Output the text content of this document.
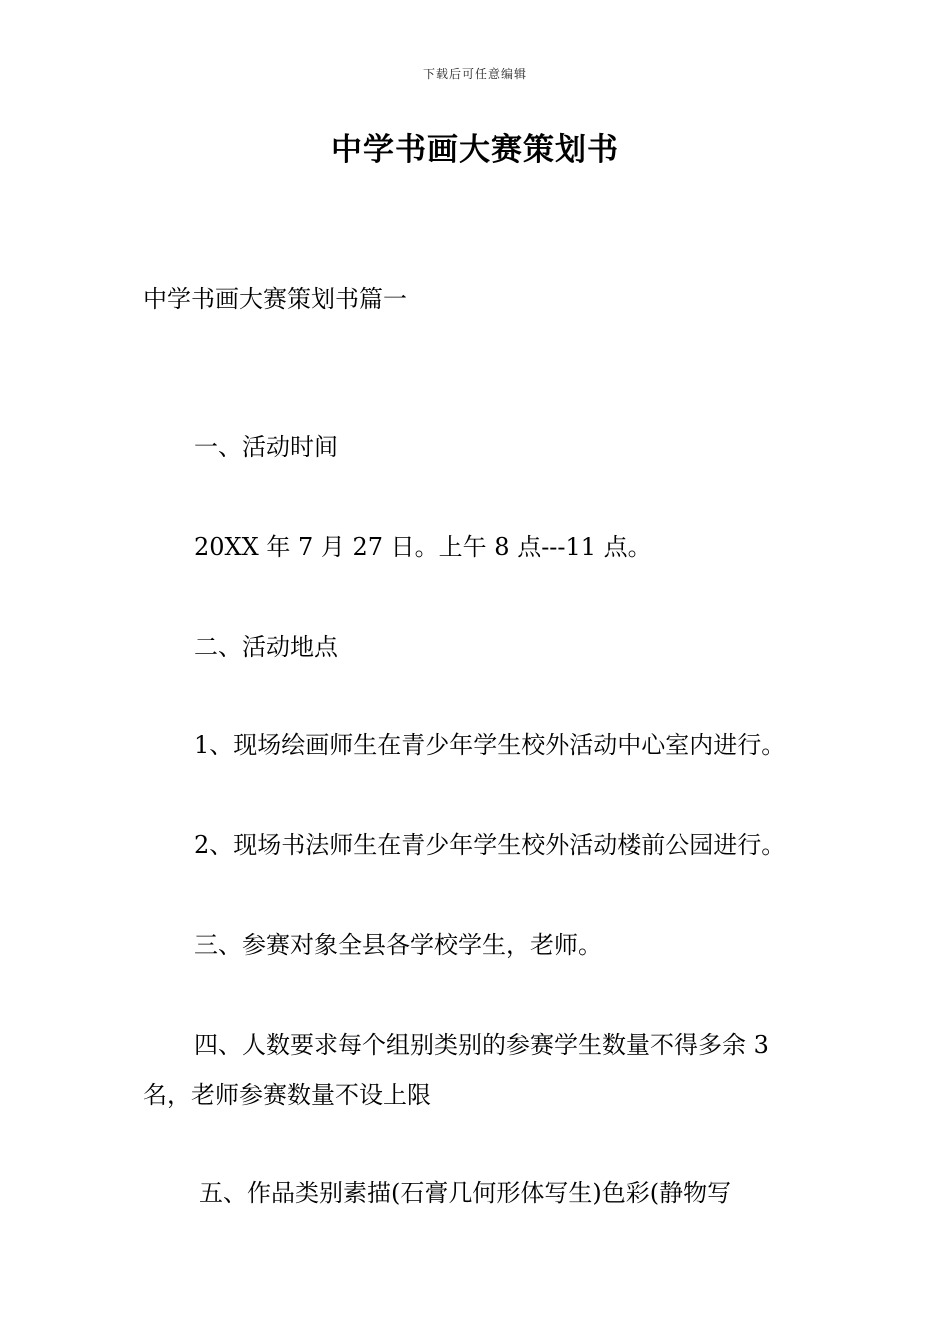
下载后可任意编辑
中学书画大赛策划书
中学书画大赛策划书篇一
一、活动时间
20XX 年 7 月 27 日。上午 8 点---11 点。
二、活动地点
1、现场绘画师生在青少年学生校外活动中心室内进行。
2、现场书法师生在青少年学生校外活动楼前公园进行。
三、参赛对象全县各学校学生，老师。
四、人数要求每个组别类别的参赛学生数量不得多余 3
名，老师参赛数量不设上限
五、作品类别素描(石膏几何形体写生)色彩(静物写
